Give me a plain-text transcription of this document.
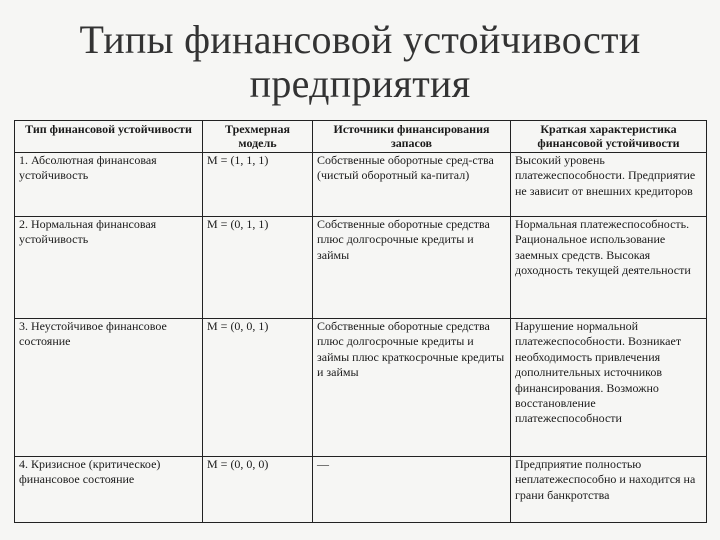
Типы финансовой устойчивости
предприятия
Тип финансовой устойчивости	Трехмерная модель	Источники финансирования запасов	Краткая характеристика финансовой устойчивости
1. Абсолютная финансовая устойчивость	M = (1, 1, 1)	Собственные оборотные сред-ства (чистый оборотный ка-питал)	Высокий уровень платежеспособности. Предприятие не зависит от внешних кредиторов
2. Нормальная финансовая устойчивость	M = (0, 1, 1)	Собственные оборотные средства плюс долгосрочные кредиты и займы	Нормальная платежеспособность. Рациональное использование заемных средств. Высокая доходность текущей деятельности
3. Неустойчивое финансовое состояние	M = (0, 0, 1)	Собственные оборотные средства плюс долгосрочные кредиты и займы плюс краткосрочные кредиты и займы	Нарушение нормальной платежеспособности. Возникает необходимость привлечения дополнительных источников финансирования. Возможно восстановление платежеспособности
4. Кризисное (критическое) финансовое состояние	M = (0, 0, 0)	—	Предприятие полностью неплатежеспособно и находится на грани банкротства
